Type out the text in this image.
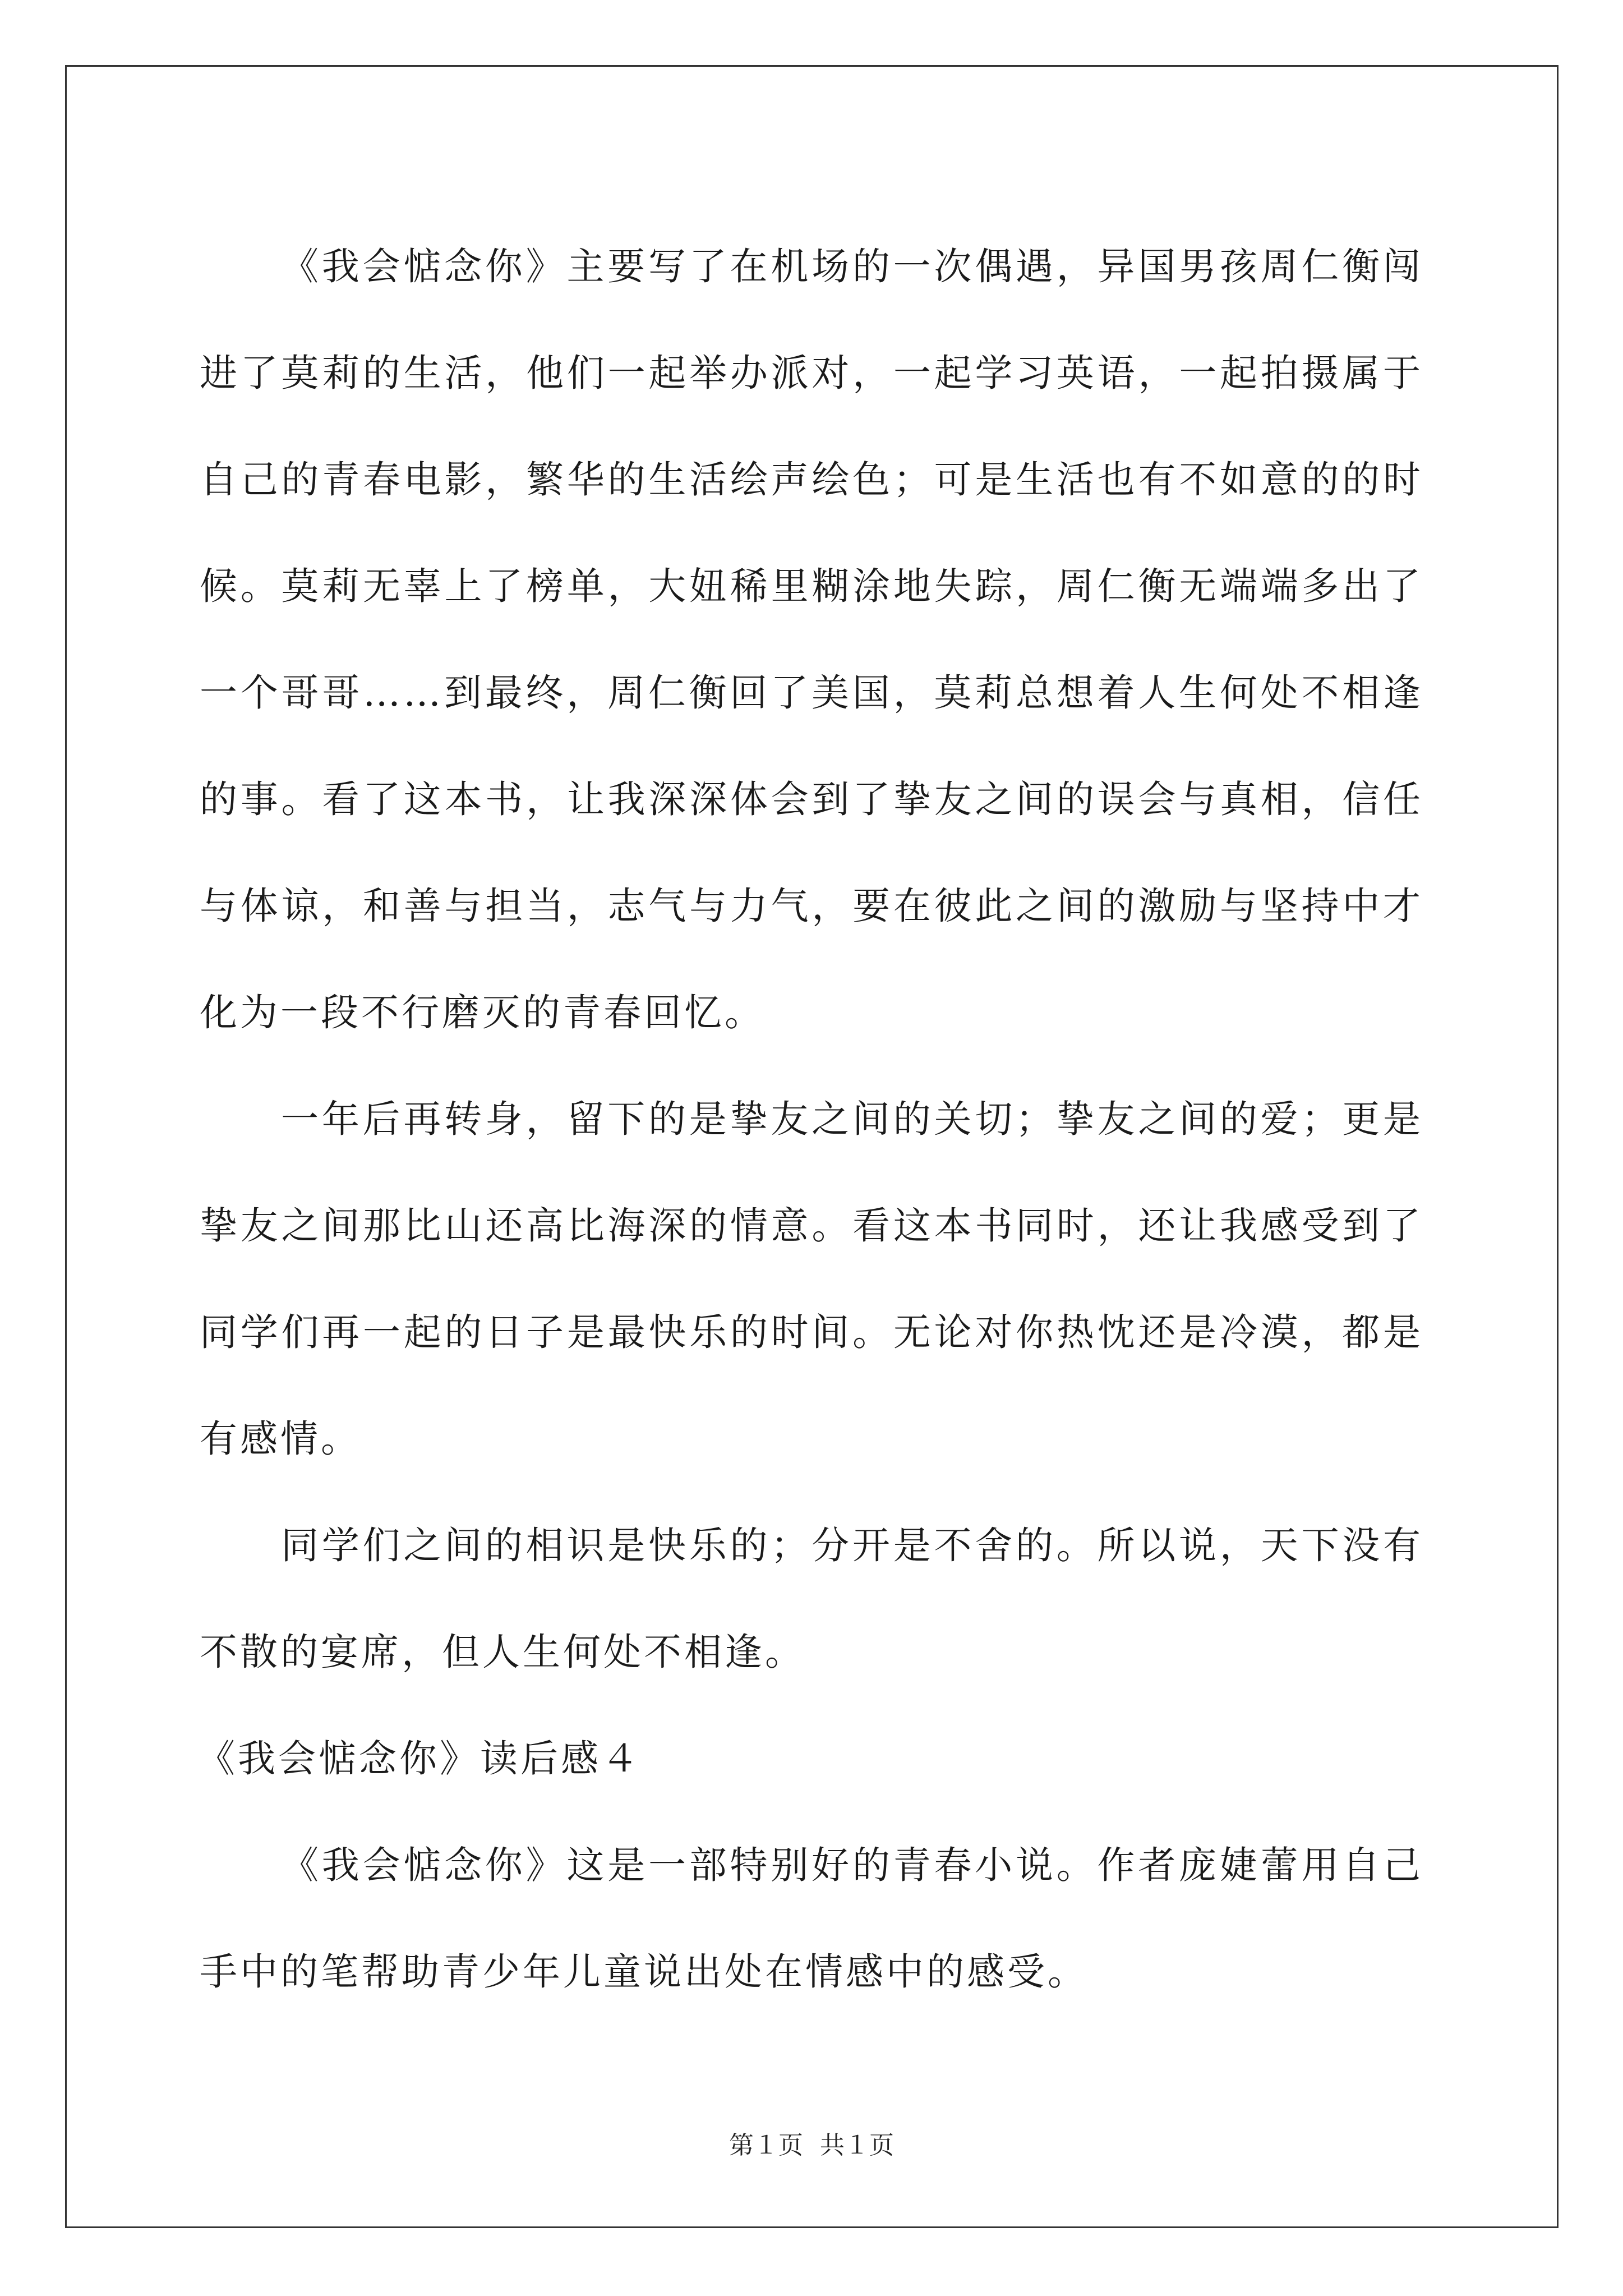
《我会惦念你》主要写了在机场的一次偶遇，异国男孩周仁衡闯进了莫莉的生活，他们一起举办派对，一起学习英语，一起拍摄属于自己的青春电影，繁华的生活绘声绘色；可是生活也有不如意的的时候。莫莉无辜上了榜单，大妞稀里糊涂地失踪，周仁衡无端端多出了一个哥哥……到最终，周仁衡回了美国，莫莉总想着人生何处不相逢的事。看了这本书，让我深深体会到了挚友之间的误会与真相，信任与体谅，和善与担当，志气与力气，要在彼此之间的激励与坚持中才化为一段不行磨灭的青春回忆。

一年后再转身，留下的是挚友之间的关切；挚友之间的爱；更是挚友之间那比山还高比海深的情意。看这本书同时，还让我感受到了同学们再一起的日子是最快乐的时间。无论对你热忱还是冷漠，都是有感情。

同学们之间的相识是快乐的；分开是不舍的。所以说，天下没有不散的宴席，但人生何处不相逢。

《我会惦念你》读后感４

《我会惦念你》这是一部特别好的青春小说。作者庞婕蕾用自己手中的笔帮助青少年儿童说出处在情感中的感受。

第１页 共１页
